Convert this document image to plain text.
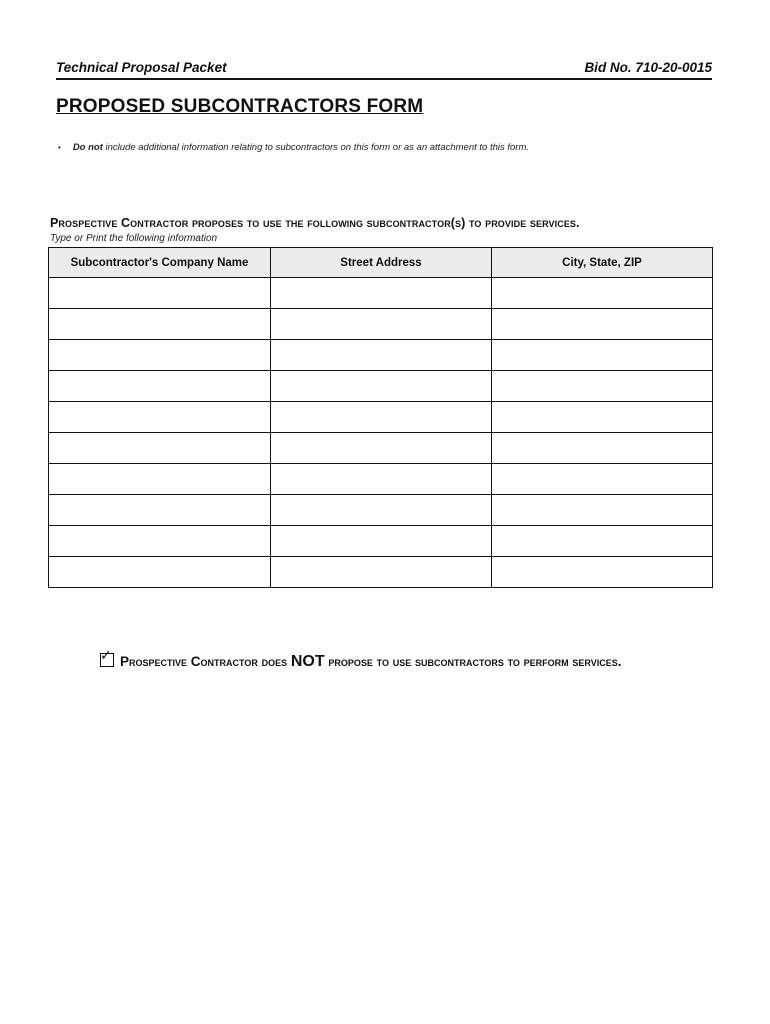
Technical Proposal Packet	Bid No. 710-20-0015
PROPOSED SUBCONTRACTORS FORM
• Do not include additional information relating to subcontractors on this form or as an attachment to this form.
Prospective Contractor proposes to use the following subcontractor(s) to provide services.
Type or Print the following information
Subcontractor's Company Name	Street Address	City, State, ZIP

✓ Prospective Contractor does NOT propose to use subcontractors to perform services.
